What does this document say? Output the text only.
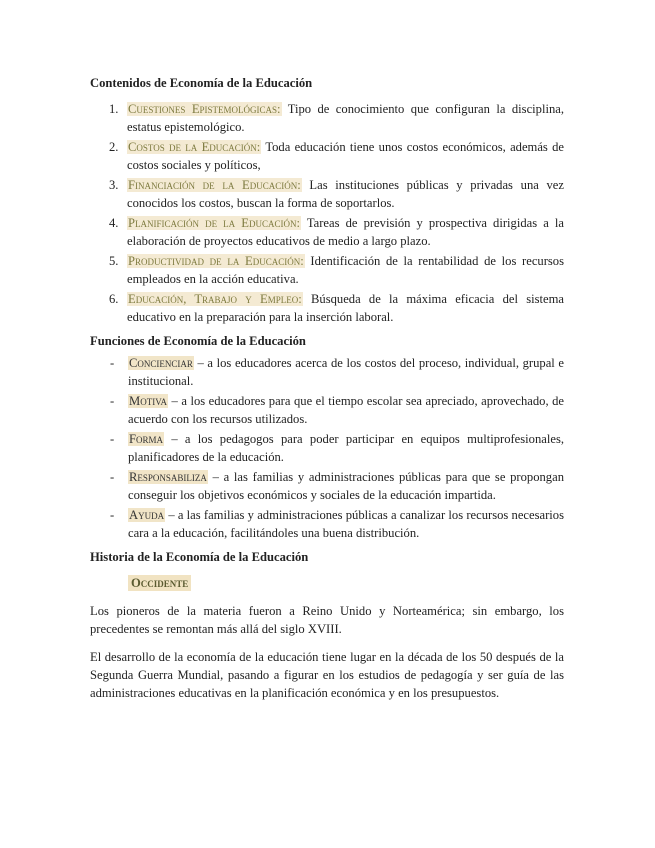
Contenidos de Economía de la Educación
1. Cuestiones Epistemológicas: Tipo de conocimiento que configuran la disciplina, estatus epistemológico.
2. Costos de la Educación: Toda educación tiene unos costos económicos, además de costos sociales y políticos,
3. Financiación de la Educación: Las instituciones públicas y privadas una vez conocidos los costos, buscan la forma de soportarlos.
4. Planificación de la Educación: Tareas de previsión y prospectiva dirigidas a la elaboración de proyectos educativos de medio a largo plazo.
5. Productividad de la Educación: Identificación de la rentabilidad de los recursos empleados en la acción educativa.
6. Educación, Trabajo y Empleo: Búsqueda de la máxima eficacia del sistema educativo en la preparación para la inserción laboral.
Funciones de Economía de la Educación
- Concienciar – a los educadores acerca de los costos del proceso, individual, grupal e institucional.
- Motiva – a los educadores para que el tiempo escolar sea apreciado, aprovechado, de acuerdo con los recursos utilizados.
- Forma – a los pedagogos para poder participar en equipos multiprofesionales, planificadores de la educación.
- Responsabiliza – a las familias y administraciones públicas para que se propongan conseguir los objetivos económicos y sociales de la educación impartida.
- Ayuda – a las familias y administraciones públicas a canalizar los recursos necesarios cara a la educación, facilitándoles una buena distribución.
Historia de la Economía de la Educación
Occidente

Los pioneros de la materia fueron a Reino Unido y Norteamérica; sin embargo, los precedentes se remontan más allá del siglo XVIII.

El desarrollo de la economía de la educación tiene lugar en la década de los 50 después de la Segunda Guerra Mundial, pasando a figurar en los estudios de pedagogía y ser guía de las administraciones educativas en la planificación económica y en los presupuestos.
